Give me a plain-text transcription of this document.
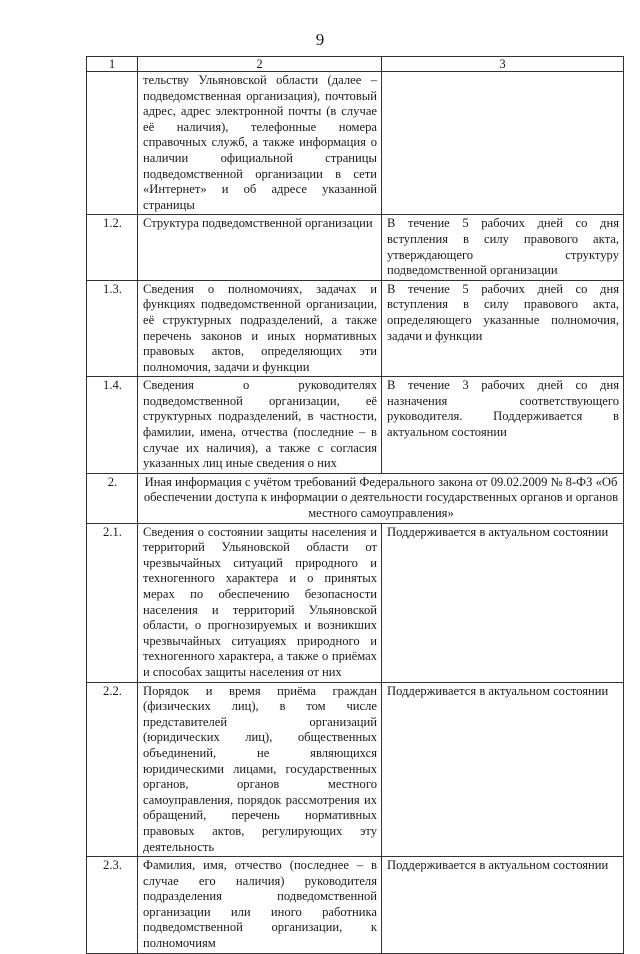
9
1	2	3
	тельству Ульяновской области (далее – подведомственная организация), почтовый адрес, адрес электронной почты (в случае её наличия), телефонные номера справочных служб, а также информация о наличии официальной страницы подведомственной организации в сети «Интернет» и об адресе указанной страницы	
1.2.	Структура подведомственной организации	В течение 5 рабочих дней со дня вступления в силу правового акта, утверждающего структуру подведомственной организации
1.3.	Сведения о полномочиях, задачах и функциях подведомственной организации, её структурных подразделений, а также перечень законов и иных нормативных правовых актов, определяющих эти полномочия, задачи и функции	В течение 5 рабочих дней со дня вступления в силу правового акта, определяющего указанные полномочия, задачи и функции
1.4.	Сведения о руководителях подведомственной организации, её структурных подразделений, в частности, фамилии, имена, отчества (последние – в случае их наличия), а также с согласия указанных лиц иные сведения о них	В течение 3 рабочих дней со дня назначения соответствующего руководителя. Поддерживается в актуальном состоянии
2.	Иная информация с учётом требований Федерального закона от 09.02.2009 № 8-ФЗ «Об обеспечении доступа к информации о деятельности государственных органов и органов местного самоуправления»	
2.1.	Сведения о состоянии защиты населения и территорий Ульяновской области от чрезвычайных ситуаций природного и техногенного характера и о принятых мерах по обеспечению безопасности населения и территорий Ульяновской области, о прогнозируемых и возникших чрезвычайных ситуациях природного и техногенного характера, а также о приёмах и способах защиты населения от них	Поддерживается в актуальном состоянии
2.2.	Порядок и время приёма граждан (физических лиц), в том числе представителей организаций (юридических лиц), общественных объединений, не являющихся юридическими лицами, государственных органов, органов местного самоуправления, порядок рассмотрения их обращений, перечень нормативных правовых актов, регулирующих эту деятельность	Поддерживается в актуальном состоянии
2.3.	Фамилия, имя, отчество (последнее – в случае его наличия) руководителя подразделения подведомственной организации или иного работника подведомственной организации, к полномочиям	Поддерживается в актуальном состоянии
